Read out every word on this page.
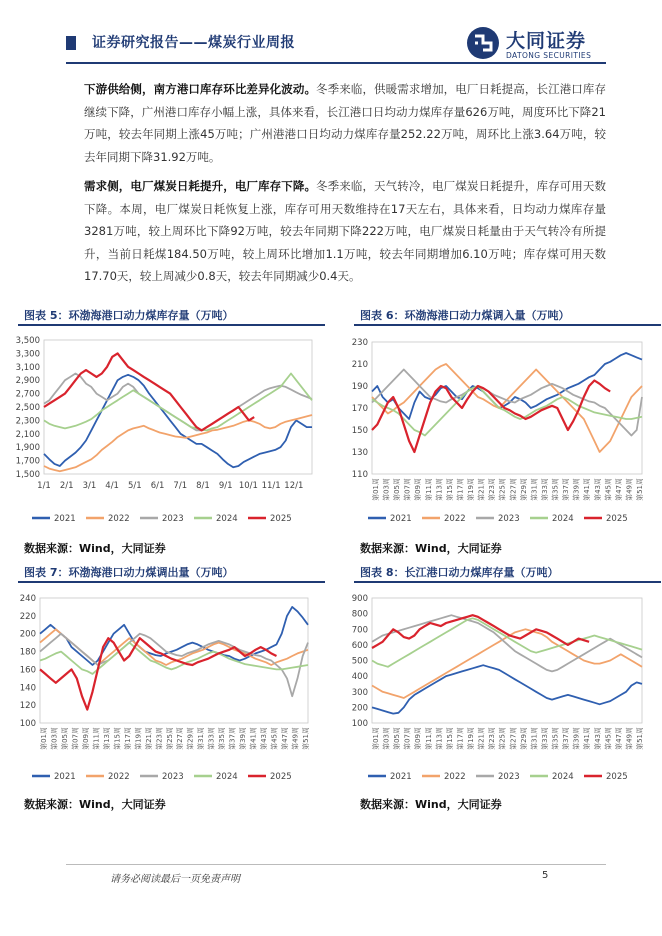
证券研究报告——煤炭行业周报	大同证券
DATONG SECURITIES
下游供给侧，南方港口库存环比差异化波动。冬季来临，供暖需求增加，电厂日耗提高，长江港口库存继续下降，广州港口库存小幅上涨，具体来看，长江港口日均动力煤库存量626万吨，周度环比下降21万吨，较去年同期上涨45万吨；广州港港口日均动力煤库存量252.22万吨，周环比上涨3.64万吨，较去年同期下降31.92万吨。
需求侧，电厂煤炭日耗提升，电厂库存下降。冬季来临，天气转冷，电厂煤炭日耗提升，库存可用天数下降。本周，电厂煤炭日耗恢复上涨，库存可用天数维持在17天左右，具体来看，日均动力煤库存量3281万吨，较上周环比下降92万吨，较去年同期下降222万吨，电厂煤炭日耗量由于天气转冷有所提升，当前日耗煤184.50万吨，较上周环比增加1.1万吨，较去年同期增加6.10万吨；库存煤可用天数17.70天，较上周减少0.8天，较去年同期减少0.4天。
图表 5：环渤海港口动力煤库存量（万吨）	图表 6：环渤海港口动力煤调入量（万吨）
数据来源：Wind，大同证券	数据来源：Wind，大同证券
图表 7：环渤海港口动力煤调出量（万吨）	图表 8：长江港口动力煤库存量（万吨）
数据来源：Wind，大同证券	数据来源：Wind，大同证券
1,500
1,700
1,900
2,100
2,300
2,500
2,700
2,900
3,100
3,300
3,500
1/1 2/1 3/1 4/1 5/1 6/1 7/1 8/1 9/1 10/1 11/1 12/1
2021	2022	2023	2024	2025
110
130
150
170
190
210
230
第01周 第03周 第05周 第07周 第09周 第11周 第13周 第15周 第17周 第19周 第21周 第23周 第25周 第27周 第29周 第31周 第33周 第35周 第37周 第39周 第41周 第43周 第45周 第47周 第49周 第51周
2021	2022	2023	2024	2025
100
120
140
160
180
200
220
240
第01周 第03周 第05周 第07周 第09周 第11周 第13周 第15周 第17周 第19周 第21周 第23周 第25周 第27周 第29周 第31周 第33周 第35周 第37周 第39周 第41周 第43周 第45周 第47周 第49周 第51周
2021	2022	2023	2024	2025
100
200
300
400
500
600
700
800
900
第01周 第03周 第05周 第07周 第09周 第11周 第13周 第15周 第17周 第19周 第21周 第23周 第25周 第27周 第29周 第31周 第33周 第35周 第37周 第39周 第41周 第43周 第45周 第47周 第49周 第51周
2021	2022	2023	2024	2025
请务必阅读最后一页免责声明	5
